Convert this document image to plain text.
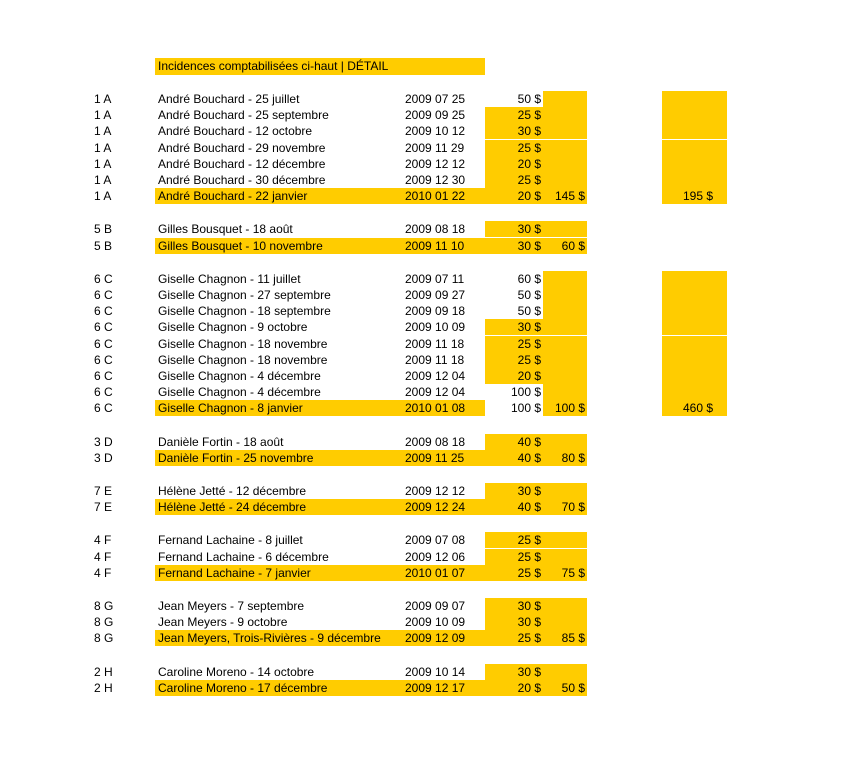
Incidences comptabilisées ci-haut | DÉTAIL
1 A	André Bouchard - 25 juillet	2009 07 25	50 $
1 A	André Bouchard - 25 septembre	2009 09 25	25 $
1 A	André Bouchard - 12 octobre	2009 10 12	30 $
1 A	André Bouchard - 29 novembre	2009 11 29	25 $
1 A	André Bouchard - 12 décembre	2009 12 12	20 $
1 A	André Bouchard - 30 décembre	2009 12 30	25 $
1 A	André Bouchard - 22 janvier	2010 01 22	20 $	145 $	195 $
5 B	Gilles Bousquet - 18 août	2009 08 18	30 $
5 B	Gilles Bousquet - 10 novembre	2009 11 10	30 $	60 $
6 C	Giselle Chagnon - 11 juillet	2009 07 11	60 $
6 C	Giselle Chagnon - 27 septembre	2009 09 27	50 $
6 C	Giselle Chagnon - 18 septembre	2009 09 18	50 $
6 C	Giselle Chagnon - 9 octobre	2009 10 09	30 $
6 C	Giselle Chagnon - 18 novembre	2009 11 18	25 $
6 C	Giselle Chagnon - 18 novembre	2009 11 18	25 $
6 C	Giselle Chagnon - 4 décembre	2009 12 04	20 $
6 C	Giselle Chagnon - 4 décembre	2009 12 04	100 $
6 C	Giselle Chagnon - 8 janvier	2010 01 08	100 $	100 $	460 $
3 D	Danièle Fortin - 18 août	2009 08 18	40 $
3 D	Danièle Fortin - 25 novembre	2009 11 25	40 $	80 $
7 E	Hélène Jetté - 12 décembre	2009 12 12	30 $
7 E	Hélène Jetté - 24 décembre	2009 12 24	40 $	70 $
4 F	Fernand Lachaine - 8 juillet	2009 07 08	25 $
4 F	Fernand Lachaine - 6 décembre	2009 12 06	25 $
4 F	Fernand Lachaine - 7 janvier	2010 01 07	25 $	75 $
8 G	Jean Meyers - 7 septembre	2009 09 07	30 $
8 G	Jean Meyers - 9 octobre	2009 10 09	30 $
8 G	Jean Meyers, Trois-Rivières - 9 décembre	2009 12 09	25 $	85 $
2 H	Caroline Moreno - 14 octobre	2009 10 14	30 $
2 H	Caroline Moreno - 17 décembre	2009 12 17	20 $	50 $
